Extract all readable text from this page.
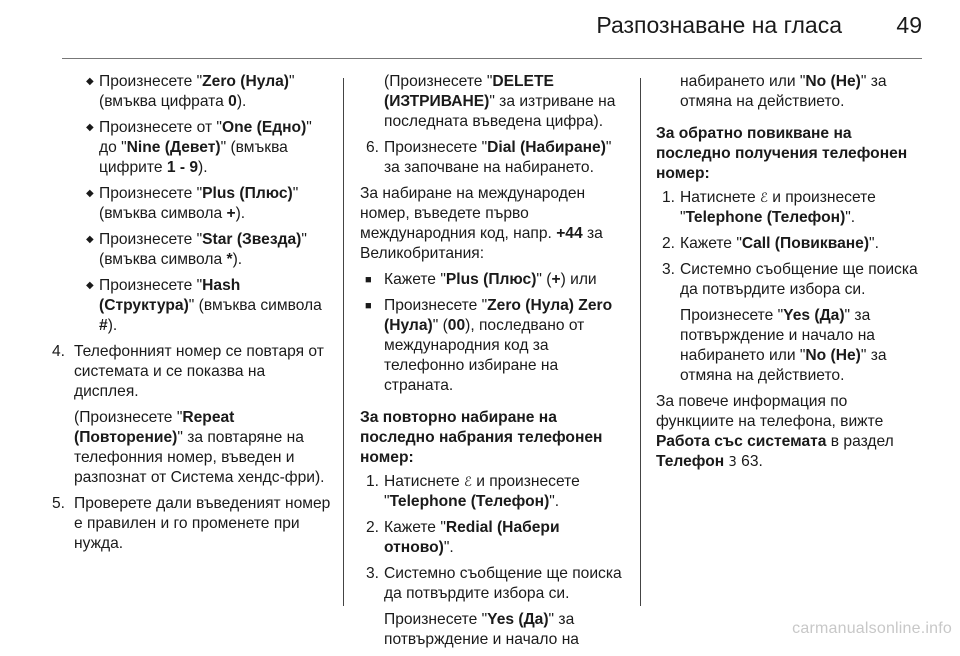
Разпознаване на гласа 49
◆ Произнесете "Zero (Нула)" (вмъква цифрата 0).
◆ Произнесете от "One (Едно)" до "Nine (Девет)" (вмъква цифрите 1 - 9).
◆ Произнесете "Plus (Плюс)" (вмъква символа +).
◆ Произнесете "Star (Звезда)" (вмъква символа *).
◆ Произнесете "Hash (Структура)" (вмъква символа #).
4. Телефонният номер се повтаря от системата и се показва на дисплея.
(Произнесете "Repeat (Повторение)" за повтаряне на телефонния номер, въведен и разпознат от Система хендс-фри).
5. Проверете дали въведеният номер е правилен и го променете при нужда.
(Произнесете "DELETE (ИЗТРИВАНЕ)" за изтриване на последната въведена цифра).
6. Произнесете "Dial (Набиране)" за започване на набирането.

За набиране на международен номер, въведете първо международния код, напр. +44 за Великобритания:

■ Кажете "Plus (Плюс)" (+) или
■ Произнесете "Zero (Нула) Zero (Нула)" (00), последвано от международния код за телефонно избиране на страната.

За повторно набиране на последно набрания телефонен номер:

1. Натиснете ℰ и произнесете "Telephone (Телефон)".
2. Кажете "Redial (Набери отново)".
3. Системно съобщение ще поиска да потвърдите избора си.
Произнесете "Yes (Да)" за потвърждение и начало на
набирането или "No (Не)" за отмяна на действието.

За обратно повикване на последно получения телефонен номер:

1. Натиснете ℰ и произнесете "Telephone (Телефон)".
2. Кажете "Call (Повикване)".
3. Системно съобщение ще поиска да потвърдите избора си.
Произнесете "Yes (Да)" за потвърждение и начало на набирането или "No (Не)" за отмяна на действието.

За повече информация по функциите на телефона, вижте Работа със системата в раздел Телефон 3 63.

carmanualsonline.info
